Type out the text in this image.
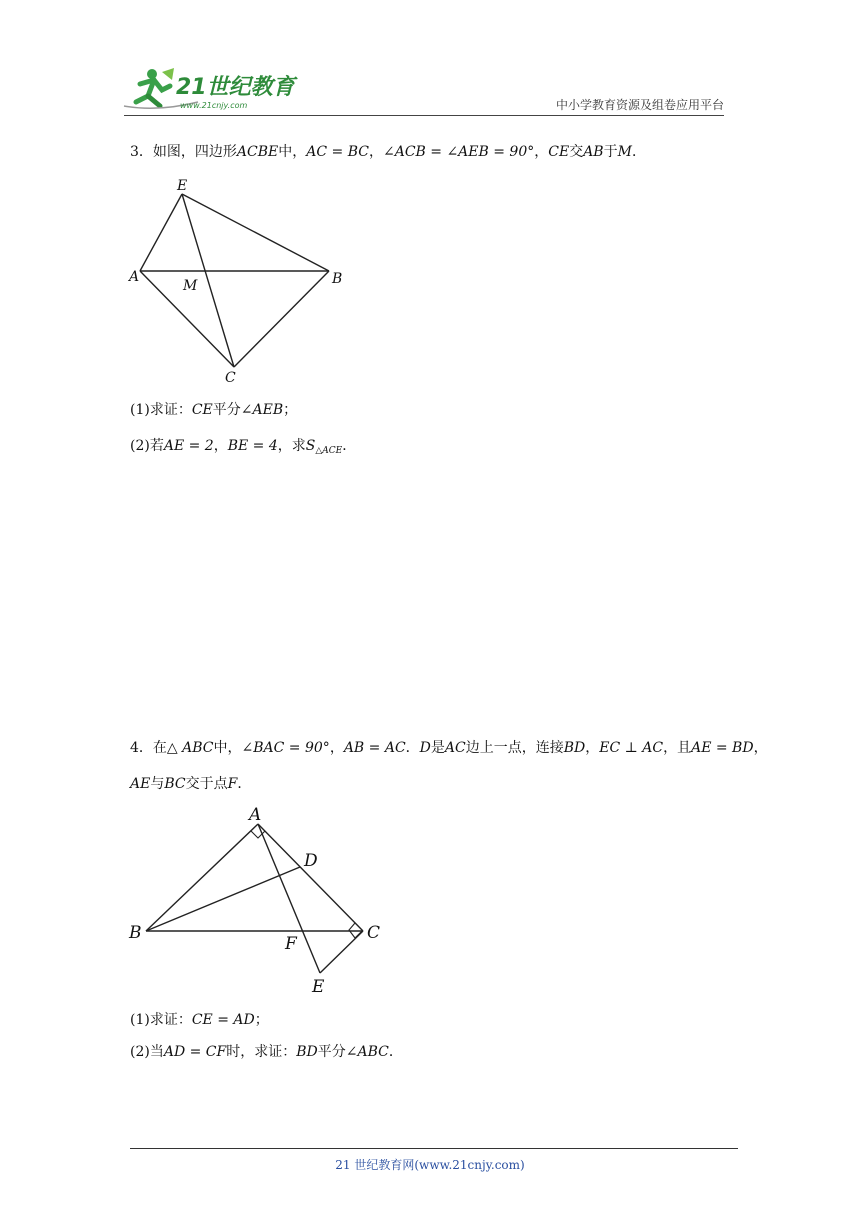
21世纪教育
www.21cnjy.com	中小学教育资源及组卷应用平台
3．如图，四边形ACBE中，AC = BC，∠ACB = ∠AEB = 90°，CE交AB于M．
E
A
M	B
C
(1)求证：CE平分∠AEB；
(2)若AE = 2，BE = 4，求$S_{\triangle ACE}$．
4．在△ ABC中，∠BAC = 90°，AB = AC．D是AC边上一点，连接BD，EC ⊥ AC，且AE = BD，
AE与BC交于点F．
A
D
B	C
F
E
(1)求证：CE = AD；
(2)当AD = CF时，求证：BD平分∠ABC．
21 世纪教育网(www.21cnjy.com)
